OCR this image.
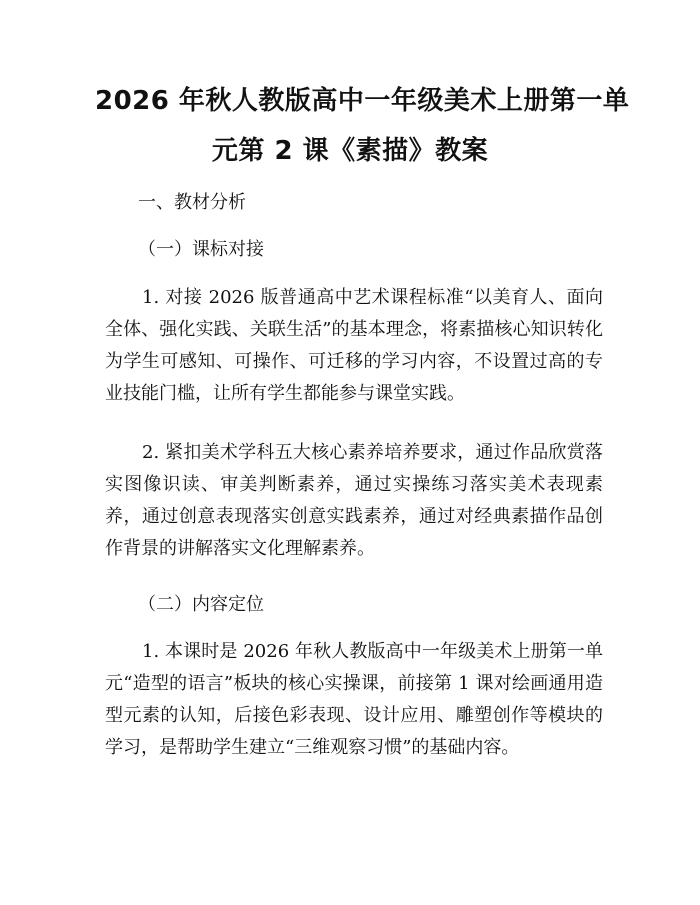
2026 年秋人教版高中一年级美术上册第一单
元第 2 课《素描》教案
一、教材分析
（一）课标对接
1. 对接 2026 版普通高中艺术课程标准“以美育人、面向全体、强化实践、关联生活”的基本理念，将素描核心知识转化为学生可感知、可操作、可迁移的学习内容，不设置过高的专业技能门槛，让所有学生都能参与课堂实践。
2. 紧扣美术学科五大核心素养培养要求，通过作品欣赏落实图像识读、审美判断素养，通过实操练习落实美术表现素养，通过创意表现落实创意实践素养，通过对经典素描作品创作背景的讲解落实文化理解素养。
（二）内容定位
1. 本课时是 2026 年秋人教版高中一年级美术上册第一单元“造型的语言”板块的核心实操课，前接第 1 课对绘画通用造型元素的认知，后接色彩表现、设计应用、雕塑创作等模块的学习，是帮助学生建立“三维观察习惯”的基础内容。
